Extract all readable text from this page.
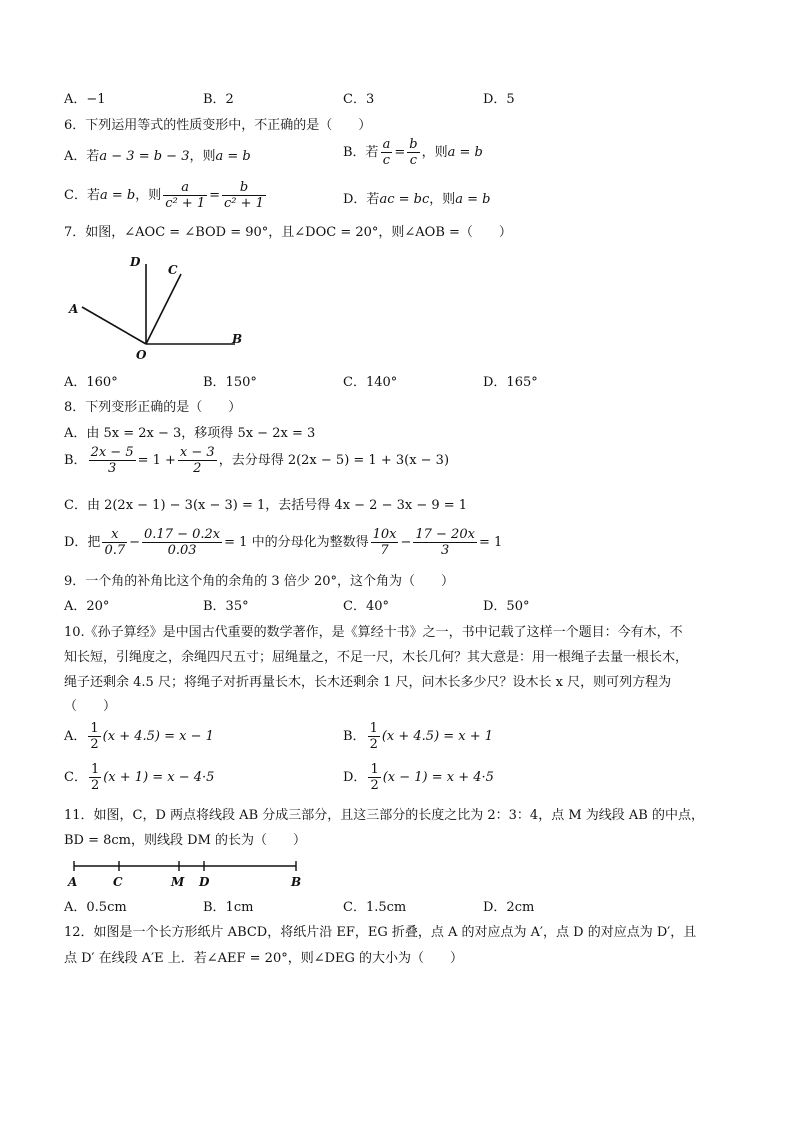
A．−1	B．2	C．3	D．5
6．下列运用等式的性质变形中，不正确的是（　　）
A．若a − 3 = b − 3，则a = b	B．若 $\frac{a}{c} = \frac{b}{c}$ ，则a = b
C．若a = b，则 $\frac{a}{\text{c² + 1}} = \frac{b}{\text{c² + 1}}$	D．若ac = bc，则a = b
7．如图，∠AOC = ∠BOD = 90°，且∠DOC = 20°，则∠AOB =（　　）
A
D
C
O
B
A．160°	B．150°	C．140°	D．165°
8．下列变形正确的是（　　）
A．由 5x = 2x − 3，移项得 5x − 2x = 3
B． $\frac{2x - 5}{3} = 1 + \frac{x - 3}{2}$ ，去分母得 2(2x − 5) = 1 + 3(x − 3)
C．由 2(2x − 1) − 3(x − 3) = 1，去括号得 4x − 2 − 3x − 9 = 1
D．把 $\frac{x}{0.7} - \frac{0.17 - 0.2x}{0.03} = 1$ 中的分母化为整数得 $\frac{10x}{7} - \frac{17 - 20x}{3} = 1$
9．一个角的补角比这个角的余角的 3 倍少 20°，这个角为（　　）
A．20°	B．35°	C．40°	D．50°
10.《孙子算经》是中国古代重要的数学著作，是《算经十书》之一，书中记载了这样一个题目：今有木，不
知长短，引绳度之，余绳四尺五寸；屈绳量之，不足一尺，木长几何？其大意是：用一根绳子去量一根长木，
绳子还剩余 4.5 尺；将绳子对折再量长木，长木还剩余 1 尺，问木长多少尺？设木长 x 尺，则可列方程为
（　　）
A． $\frac{1}{2} (x + 4.5) = x - 1$	B． $\frac{1}{2} (x + 4.5) = x + 1$
C． $\frac{1}{2} (x + 1) = x - 4\cdot 5$	D． $\frac{1}{2} (x - 1) = x + 4\cdot 5$
11．如图，C，D 两点将线段 AB 分成三部分，且这三部分的长度之比为 2：3：4，点 M 为线段 AB 的中点，
BD = 8cm，则线段 DM 的长为（　　）
A	C	M D	B
A．0.5cm	B．1cm	C．1.5cm	D．2cm
12．如图是一个长方形纸片 ABCD，将纸片沿 EF，EG 折叠，点 A 的对应点为 A′，点 D 的对应点为 D′，且
点 D′ 在线段 A′E 上．若∠AEF = 20°，则∠DEG 的大小为（　　）
